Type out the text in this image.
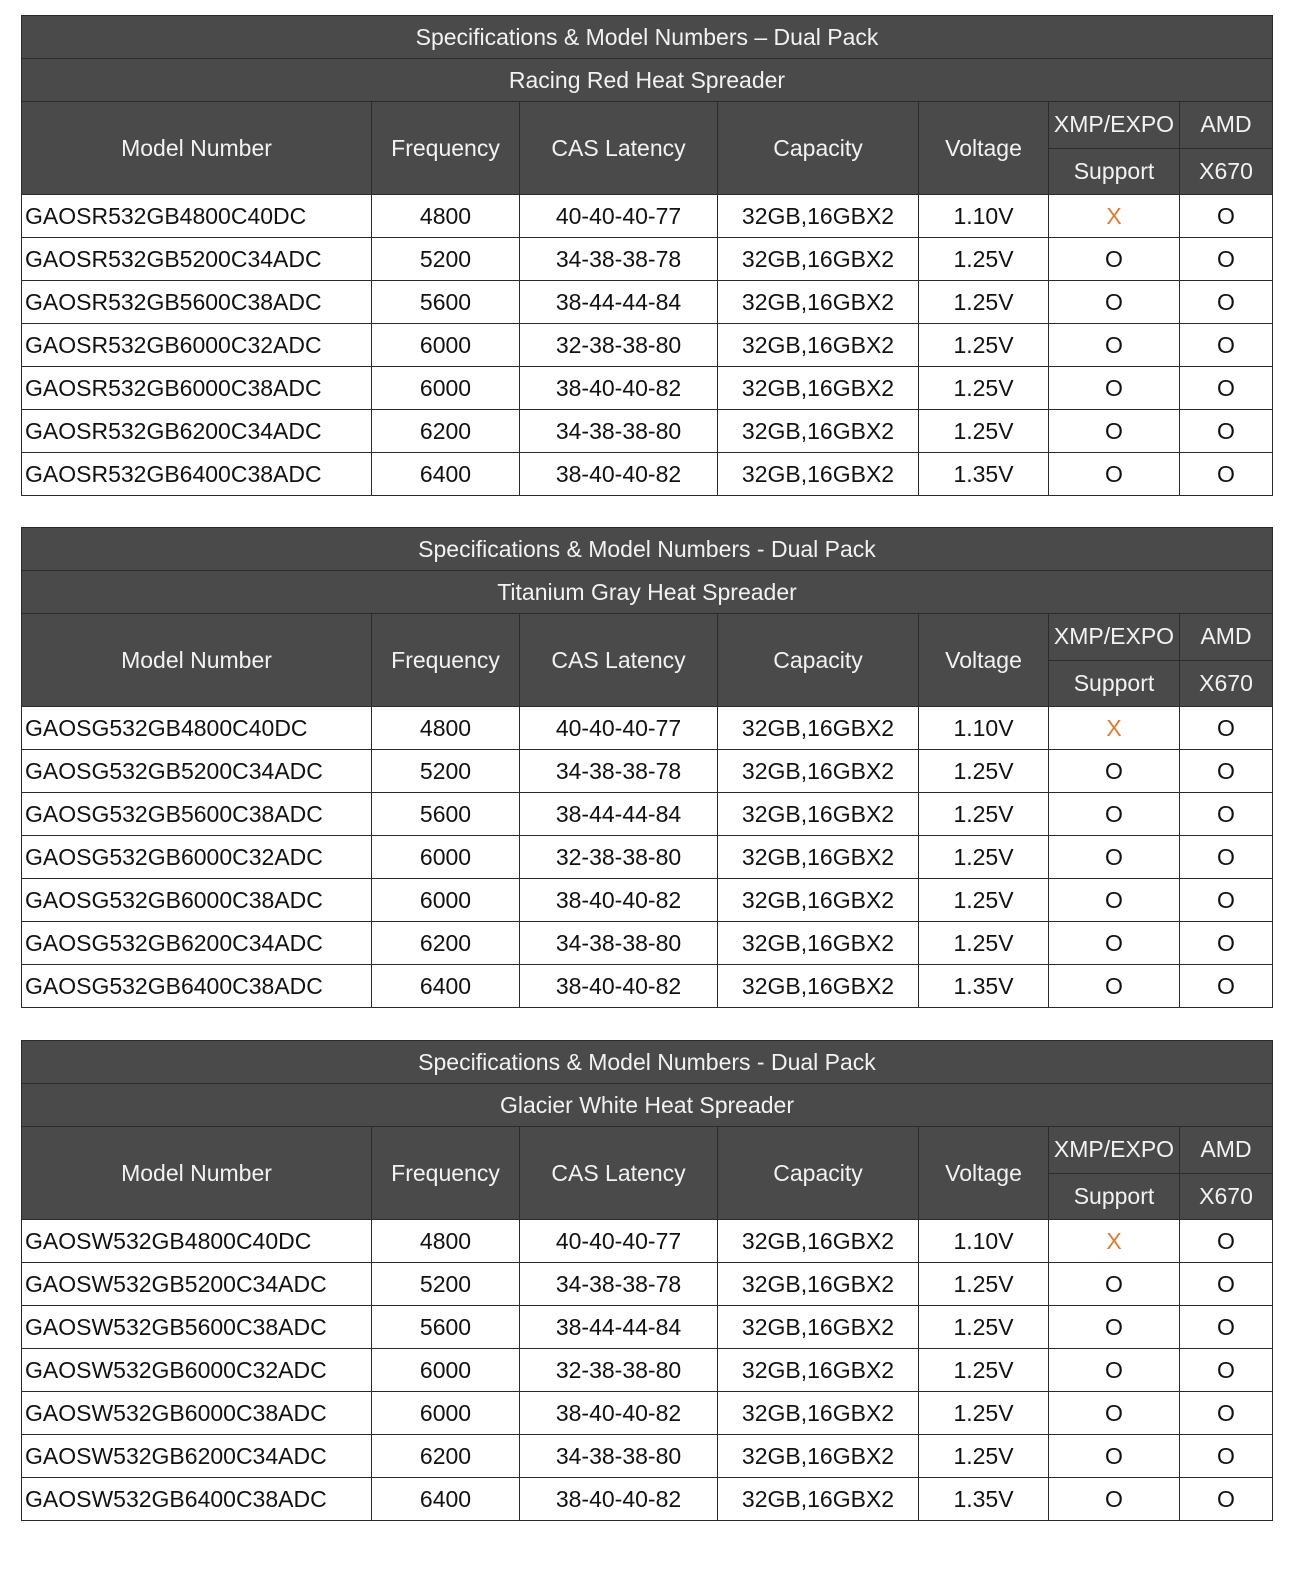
Specifications & Model Numbers – Dual Pack						
Racing Red Heat Spreader						
Model Number	Frequency	CAS Latency	Capacity	Voltage	XMP/EXPO	AMD
					Support	X670
GAOSR532GB4800C40DC	4800	40-40-40-77	32GB,16GBX2	1.10V	X	O
GAOSR532GB5200C34ADC	5200	34-38-38-78	32GB,16GBX2	1.25V	O	O
GAOSR532GB5600C38ADC	5600	38-44-44-84	32GB,16GBX2	1.25V	O	O
GAOSR532GB6000C32ADC	6000	32-38-38-80	32GB,16GBX2	1.25V	O	O
GAOSR532GB6000C38ADC	6000	38-40-40-82	32GB,16GBX2	1.25V	O	O
GAOSR532GB6200C34ADC	6200	34-38-38-80	32GB,16GBX2	1.25V	O	O
GAOSR532GB6400C38ADC	6400	38-40-40-82	32GB,16GBX2	1.35V	O	O
Specifications & Model Numbers - Dual Pack						
Titanium Gray Heat Spreader						
Model Number	Frequency	CAS Latency	Capacity	Voltage	XMP/EXPO	AMD
					Support	X670
GAOSG532GB4800C40DC	4800	40-40-40-77	32GB,16GBX2	1.10V	X	O
GAOSG532GB5200C34ADC	5200	34-38-38-78	32GB,16GBX2	1.25V	O	O
GAOSG532GB5600C38ADC	5600	38-44-44-84	32GB,16GBX2	1.25V	O	O
GAOSG532GB6000C32ADC	6000	32-38-38-80	32GB,16GBX2	1.25V	O	O
GAOSG532GB6000C38ADC	6000	38-40-40-82	32GB,16GBX2	1.25V	O	O
GAOSG532GB6200C34ADC	6200	34-38-38-80	32GB,16GBX2	1.25V	O	O
GAOSG532GB6400C38ADC	6400	38-40-40-82	32GB,16GBX2	1.35V	O	O
Specifications & Model Numbers - Dual Pack						
Glacier White Heat Spreader						
Model Number	Frequency	CAS Latency	Capacity	Voltage	XMP/EXPO	AMD
					Support	X670
GAOSW532GB4800C40DC	4800	40-40-40-77	32GB,16GBX2	1.10V	X	O
GAOSW532GB5200C34ADC	5200	34-38-38-78	32GB,16GBX2	1.25V	O	O
GAOSW532GB5600C38ADC	5600	38-44-44-84	32GB,16GBX2	1.25V	O	O
GAOSW532GB6000C32ADC	6000	32-38-38-80	32GB,16GBX2	1.25V	O	O
GAOSW532GB6000C38ADC	6000	38-40-40-82	32GB,16GBX2	1.25V	O	O
GAOSW532GB6200C34ADC	6200	34-38-38-80	32GB,16GBX2	1.25V	O	O
GAOSW532GB6400C38ADC	6400	38-40-40-82	32GB,16GBX2	1.35V	O	O
